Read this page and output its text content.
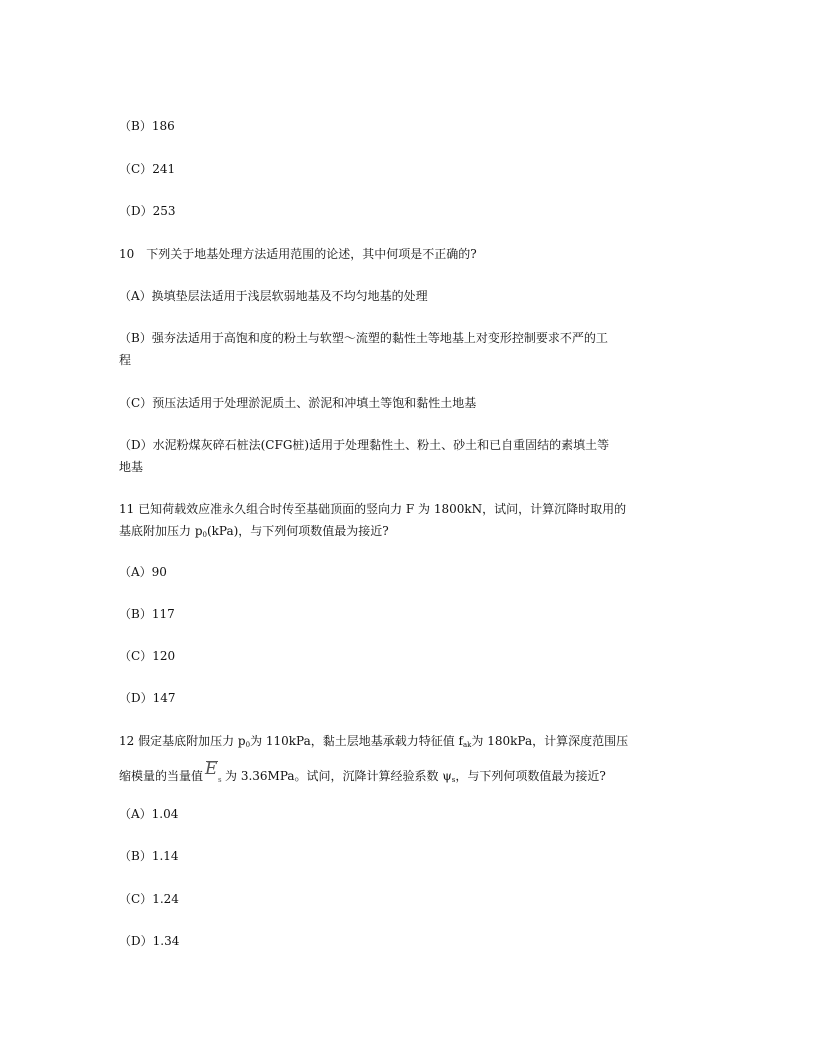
（B）186
（C）241
（D）253
10　下列关于地基处理方法适用范围的论述，其中何项是不正确的?
（A）换填垫层法适用于浅层软弱地基及不均匀地基的处理
（B）强夯法适用于高饱和度的粉土与软塑～流塑的黏性土等地基上对变形控制要求不严的工
程
（C）预压法适用于处理淤泥质土、淤泥和冲填土等饱和黏性土地基
（D）水泥粉煤灰碎石桩法(CFG桩)适用于处理黏性土、粉土、砂土和已自重固结的素填土等
地基
11 已知荷载效应准永久组合时传至基础顶面的竖向力 F 为 1800kN，试问，计算沉降时取用的
基底附加压力 $p_0(kPa)$，与下列何项数值最为接近?
（A）90
（B）117
（C）120
（D）147
12 假定基底附加压力 $p_0$为 110kPa，黏土层地基承载力特征值 $f_{ak}$为 180kPa，计算深度范围压
缩模量的当量值 E
s 为 3.36MPa。试问，沉降计算经验系数 $\psi_s$，与下列何项数值最为接近?
（A）1.04
（B）1.14
（C）1.24
（D）1.34
